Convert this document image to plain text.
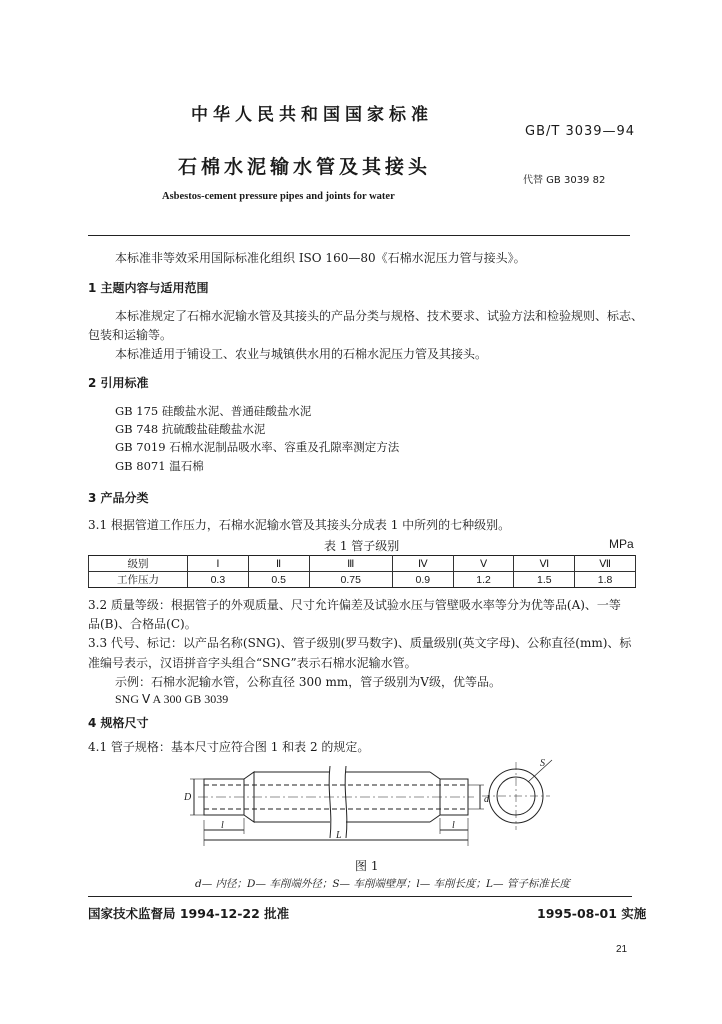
中华人民共和国国家标准
GB/T 3039—94
石棉水泥输水管及其接头
代替 GB 3039 82
Asbestos-cement pressure pipes and joints for water
本标准非等效采用国际标准化组织 ISO 160—80《石棉水泥压力管与接头》。
1 主题内容与适用范围
本标准规定了石棉水泥输水管及其接头的产品分类与规格、技术要求、试验方法和检验规则、标志、
包装和运输等。
本标准适用于铺设工、农业与城镇供水用的石棉水泥压力管及其接头。
2 引用标准
GB 175 硅酸盐水泥、普通硅酸盐水泥
GB 748 抗硫酸盐硅酸盐水泥
GB 7019 石棉水泥制品吸水率、容重及孔隙率测定方法
GB 8071 温石棉
3 产品分类
3.1 根据管道工作压力，石棉水泥输水管及其接头分成表 1 中所列的七种级别。
表 1 管子级别	MPa
级别	Ⅰ	Ⅱ	Ⅲ	Ⅳ	Ⅴ	Ⅵ	Ⅶ
工作压力	0.3	0.5	0.75	0.9	1.2	1.5	1.8
3.2 质量等级：根据管子的外观质量、尺寸允许偏差及试验水压与管壁吸水率等分为优等品(A)、一等
品(B)、合格品(C)。
3.3 代号、标记：以产品名称(SNG)、管子级别(罗马数字)、质量级别(英文字母)、公称直径(mm)、标
准编号表示，汉语拼音字头组合“SNG”表示石棉水泥输水管。
示例：石棉水泥输水管，公称直径 300 mm，管子级别为Ⅴ级，优等品。
SNG Ⅴ A 300 GB 3039
4 规格尺寸
4.1 管子规格：基本尺寸应符合图 1 和表 2 的规定。
D	d
l	l
L
S
图 1
d— 内径；D— 车削端外径；S— 车削端壁厚；l— 车削长度；L— 管子标准长度
国家技术监督局 1994-12-22 批准	1995-08-01 实施
21
